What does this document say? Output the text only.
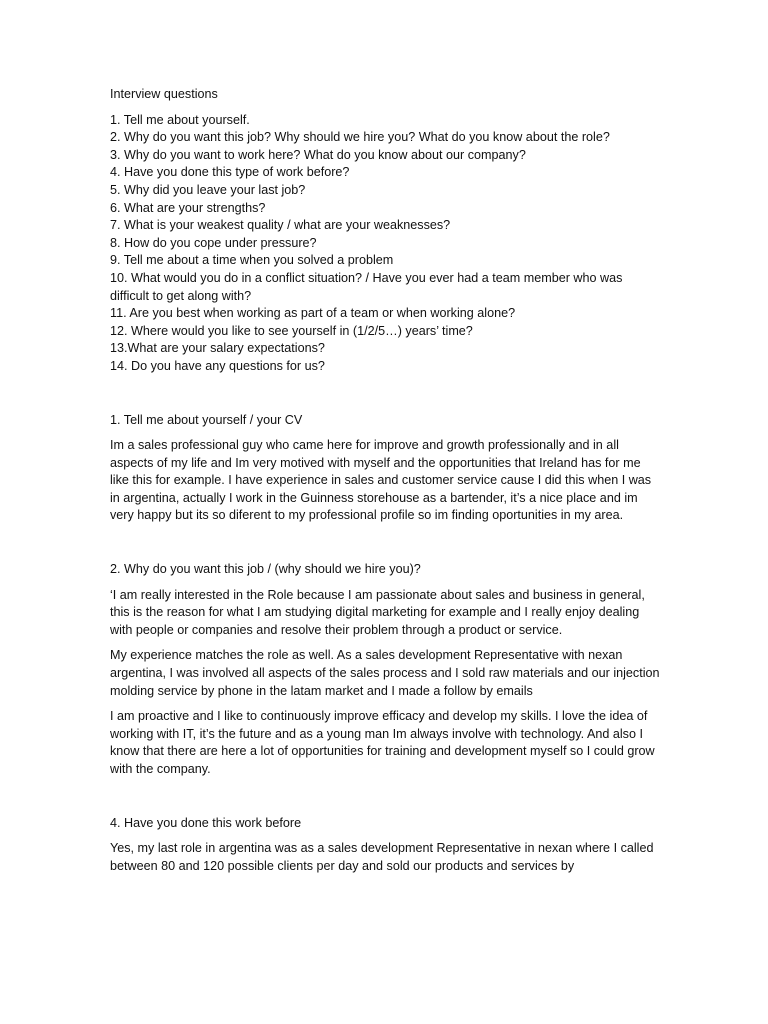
Interview questions

1. Tell me about yourself.
2. Why do you want this job? Why should we hire you? What do you know about the role?
3. Why do you want to work here? What do you know about our company?
4. Have you done this type of work before?
5. Why did you leave your last job?
6. What are your strengths?
7. What is your weakest quality / what are your weaknesses?
8. How do you cope under pressure?
9. Tell me about a time when you solved a problem
10. What would you do in a conflict situation? / Have you ever had a team member who was difficult to get along with?
11. Are you best when working as part of a team or when working alone?
12. Where would you like to see yourself in (1/2/5…) years’ time?
13.What are your salary expectations?
14. Do you have any questions for us?

1. Tell me about yourself / your CV

Im a sales professional guy who came here for improve and growth professionally and in all aspects of my life and Im very motived with myself and the opportunities that Ireland has for me like this for example. I have experience in sales and customer service cause I did this when I was in argentina, actually I work in the Guinness storehouse as a bartender, it’s a nice place and im very happy but its so diferent to my professional profile so im finding oportunities in my area.

2. Why do you want this job / (why should we hire you)?

‘I am really interested in the Role because I am passionate about sales and business in general, this is the reason for what I am studying digital marketing for example and I really enjoy dealing with people or companies and resolve their problem through a product or service.

My experience matches the role as well. As a sales development Representative with nexan argentina, I was involved all aspects of the sales process and I sold raw materials and our injection molding service by phone in the latam market and I made a follow by emails

I am proactive and I like to continuously improve efficacy and develop my skills. I love the idea of working with IT, it’s the future and as a young man Im always involve with technology. And also I know that there are here a lot of opportunities for training and development myself so I could grow with the company.

4. Have you done this work before

Yes, my last role in argentina was as a sales development Representative in nexan where I called between 80 and 120 possible clients per day and sold our products and services by
